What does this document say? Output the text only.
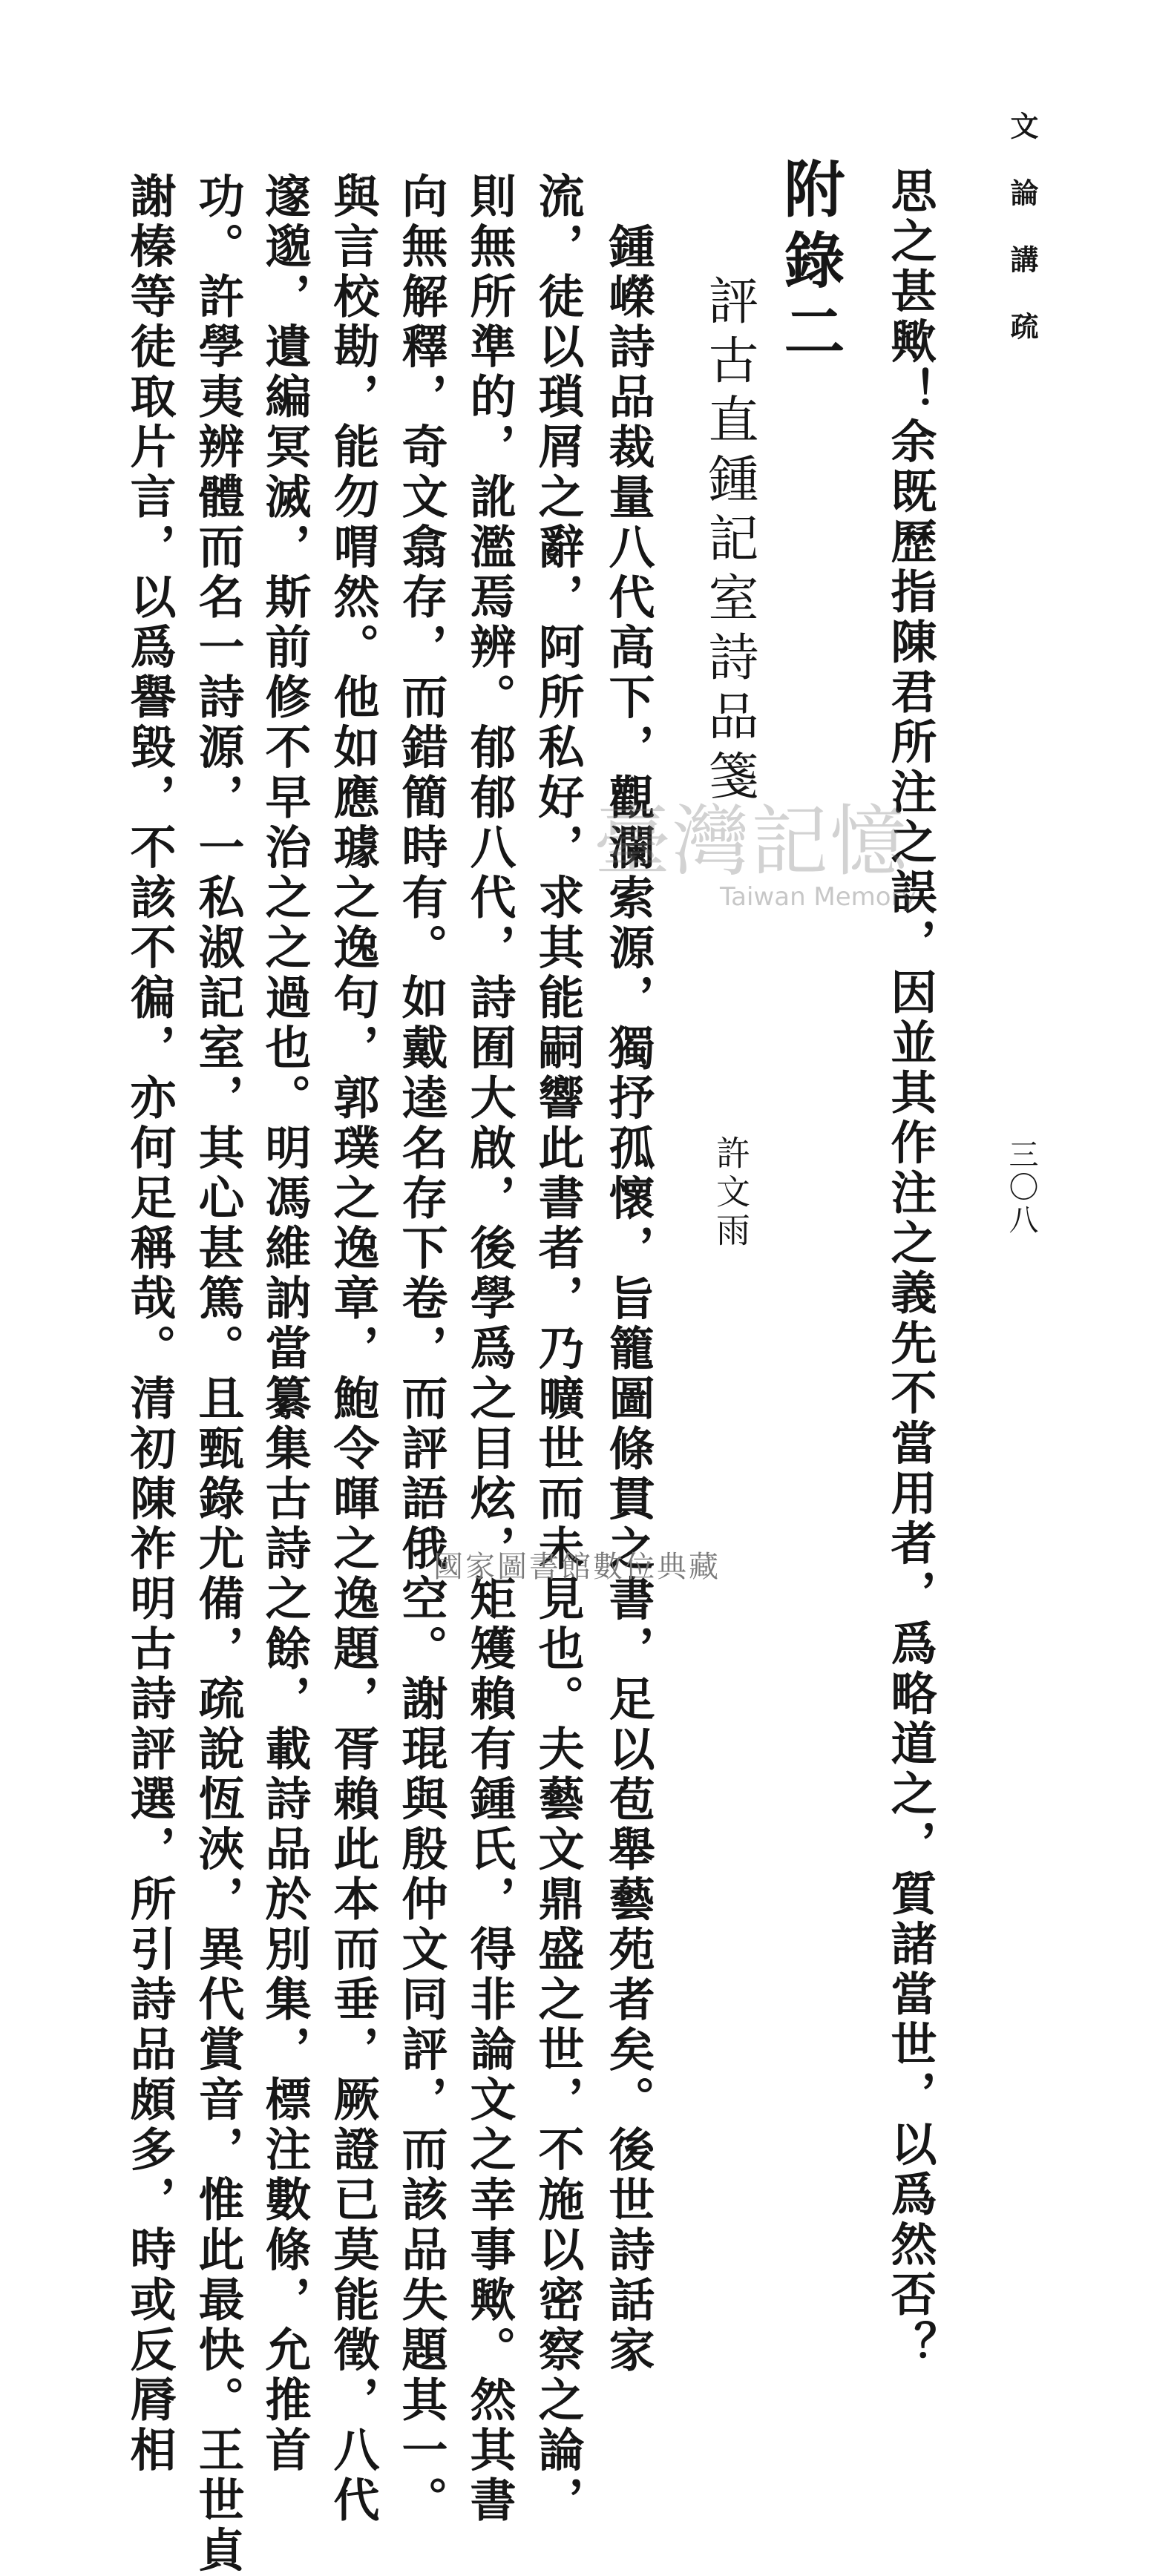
文論講疏
三〇八
思之甚歟！余既歷指陳君所注之誤，因並其作注之義先不當用者，爲略道之，質諸當世，以爲然否？
附錄二
評古直鍾記室詩品箋
許文雨
鍾嶸詩品裁量八代高下，觀瀾索源，獨抒孤懷，旨籠圖條貫之書，足以苞舉藝苑者矣。後世詩話家
流，徒以瑣屑之辭，阿所私好，求其能嗣響此書者，乃曠世而未見也。夫藝文鼎盛之世，不施以密察之論，
則無所準的，訛濫焉辨。郁郁八代，詩囿大啟，後學爲之目炫，矩矱賴有鍾氏，得非論文之幸事歟。然其書
向無解釋，奇文翕存，而錯簡時有。如戴逵名存下卷，而評語俄空。謝琨與殷仲文同評，而該品失題其一。
與言校勘，能勿喟然。他如應璩之逸句，郭璞之逸章，鮑令暉之逸題，胥賴此本而垂，厥證已莫能徵，八代
邃邈，遺編冥滅，斯前修不早治之之過也。明馮維訥當纂集古詩之餘，載詩品於別集，標注數條，允推首
功。許學夷辨體而名一詩源，一私淑記室，其心甚篤。且甄錄尤備，疏說恆浹，異代賞音，惟此最快。王世貞
謝榛等徒取片言，以爲譽毀，不該不徧，亦何足稱哉。清初陳祚明古詩評選，所引詩品頗多，時或反脣相	臺灣記憶
Taiwan Memory
國家圖書館數位典藏
